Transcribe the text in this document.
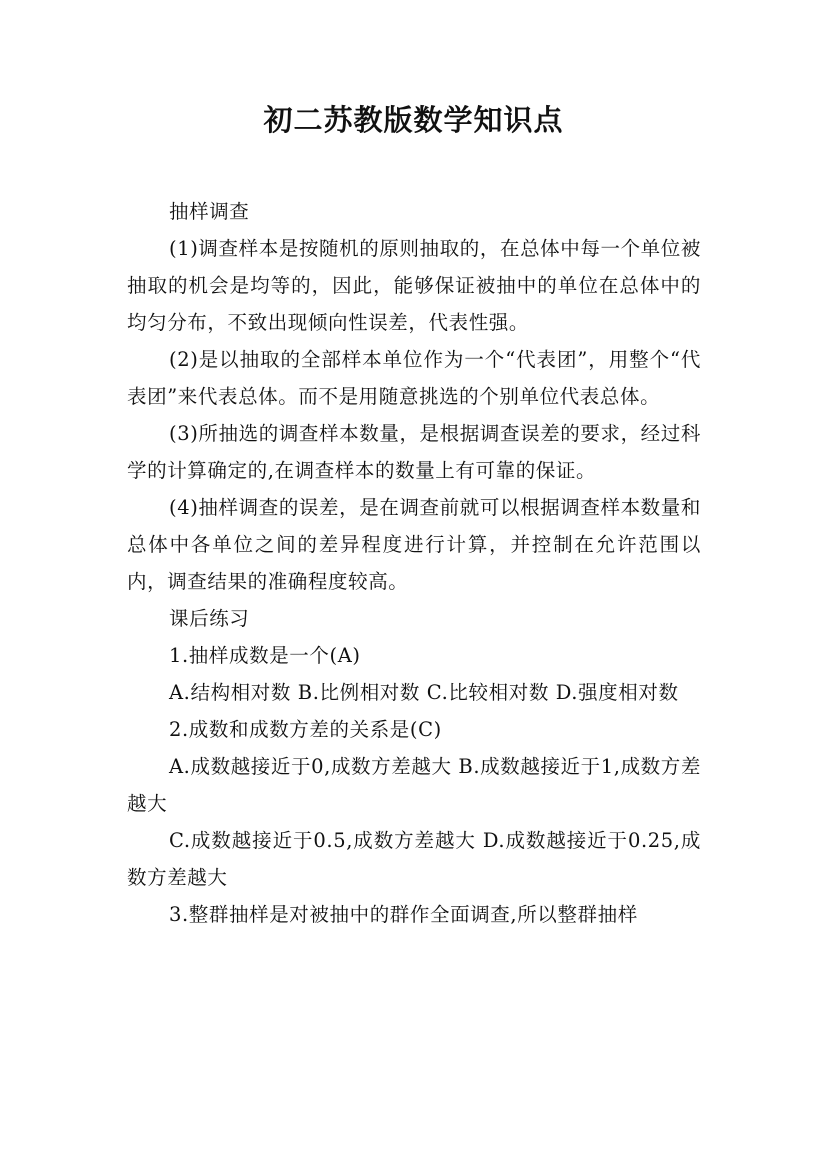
初二苏教版数学知识点

抽样调查

(1)调查样本是按随机的原则抽取的，在总体中每一个单位被抽取的机会是均等的，因此，能够保证被抽中的单位在总体中的均匀分布，不致出现倾向性误差，代表性强。

(2)是以抽取的全部样本单位作为一个“代表团”，用整个“代表团”来代表总体。而不是用随意挑选的个别单位代表总体。

(3)所抽选的调查样本数量，是根据调查误差的要求，经过科学的计算确定的,在调查样本的数量上有可靠的保证。

(4)抽样调查的误差，是在调查前就可以根据调查样本数量和总体中各单位之间的差异程度进行计算，并控制在允许范围以内，调查结果的准确程度较高。

课后练习

1.抽样成数是一个(A)

A.结构相对数 B.比例相对数 C.比较相对数 D.强度相对数

2.成数和成数方差的关系是(C)

A.成数越接近于0,成数方差越大 B.成数越接近于1,成数方差越大

C.成数越接近于0.5,成数方差越大 D.成数越接近于0.25,成数方差越大

3.整群抽样是对被抽中的群作全面调查,所以整群抽样
